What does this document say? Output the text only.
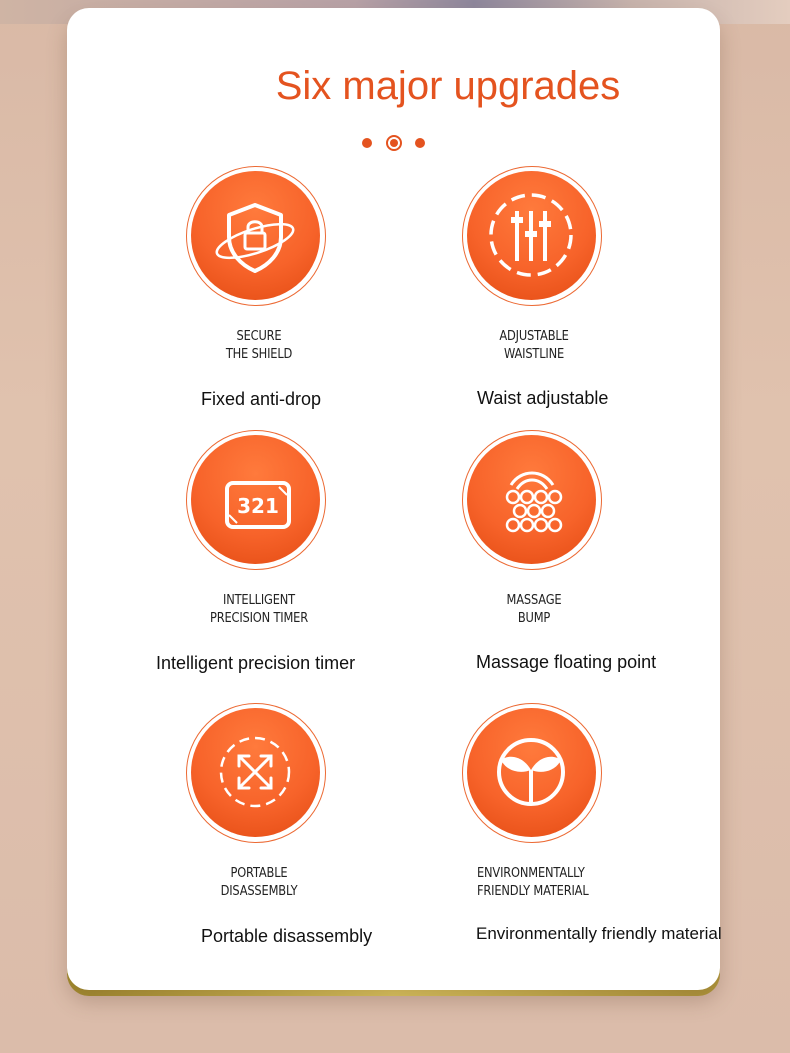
Six major upgrades
SECURE
THE SHIELD
Fixed anti-drop
ADJUSTABLE
WAISTLINE
Waist adjustable
321
INTELLIGENT
PRECISION TIMER
Intelligent precision timer
MASSAGE
BUMP
Massage floating point
PORTABLE
DISASSEMBLY
Portable disassembly
ENVIRONMENTALLY
FRIENDLY MATERIAL
Environmentally friendly material
